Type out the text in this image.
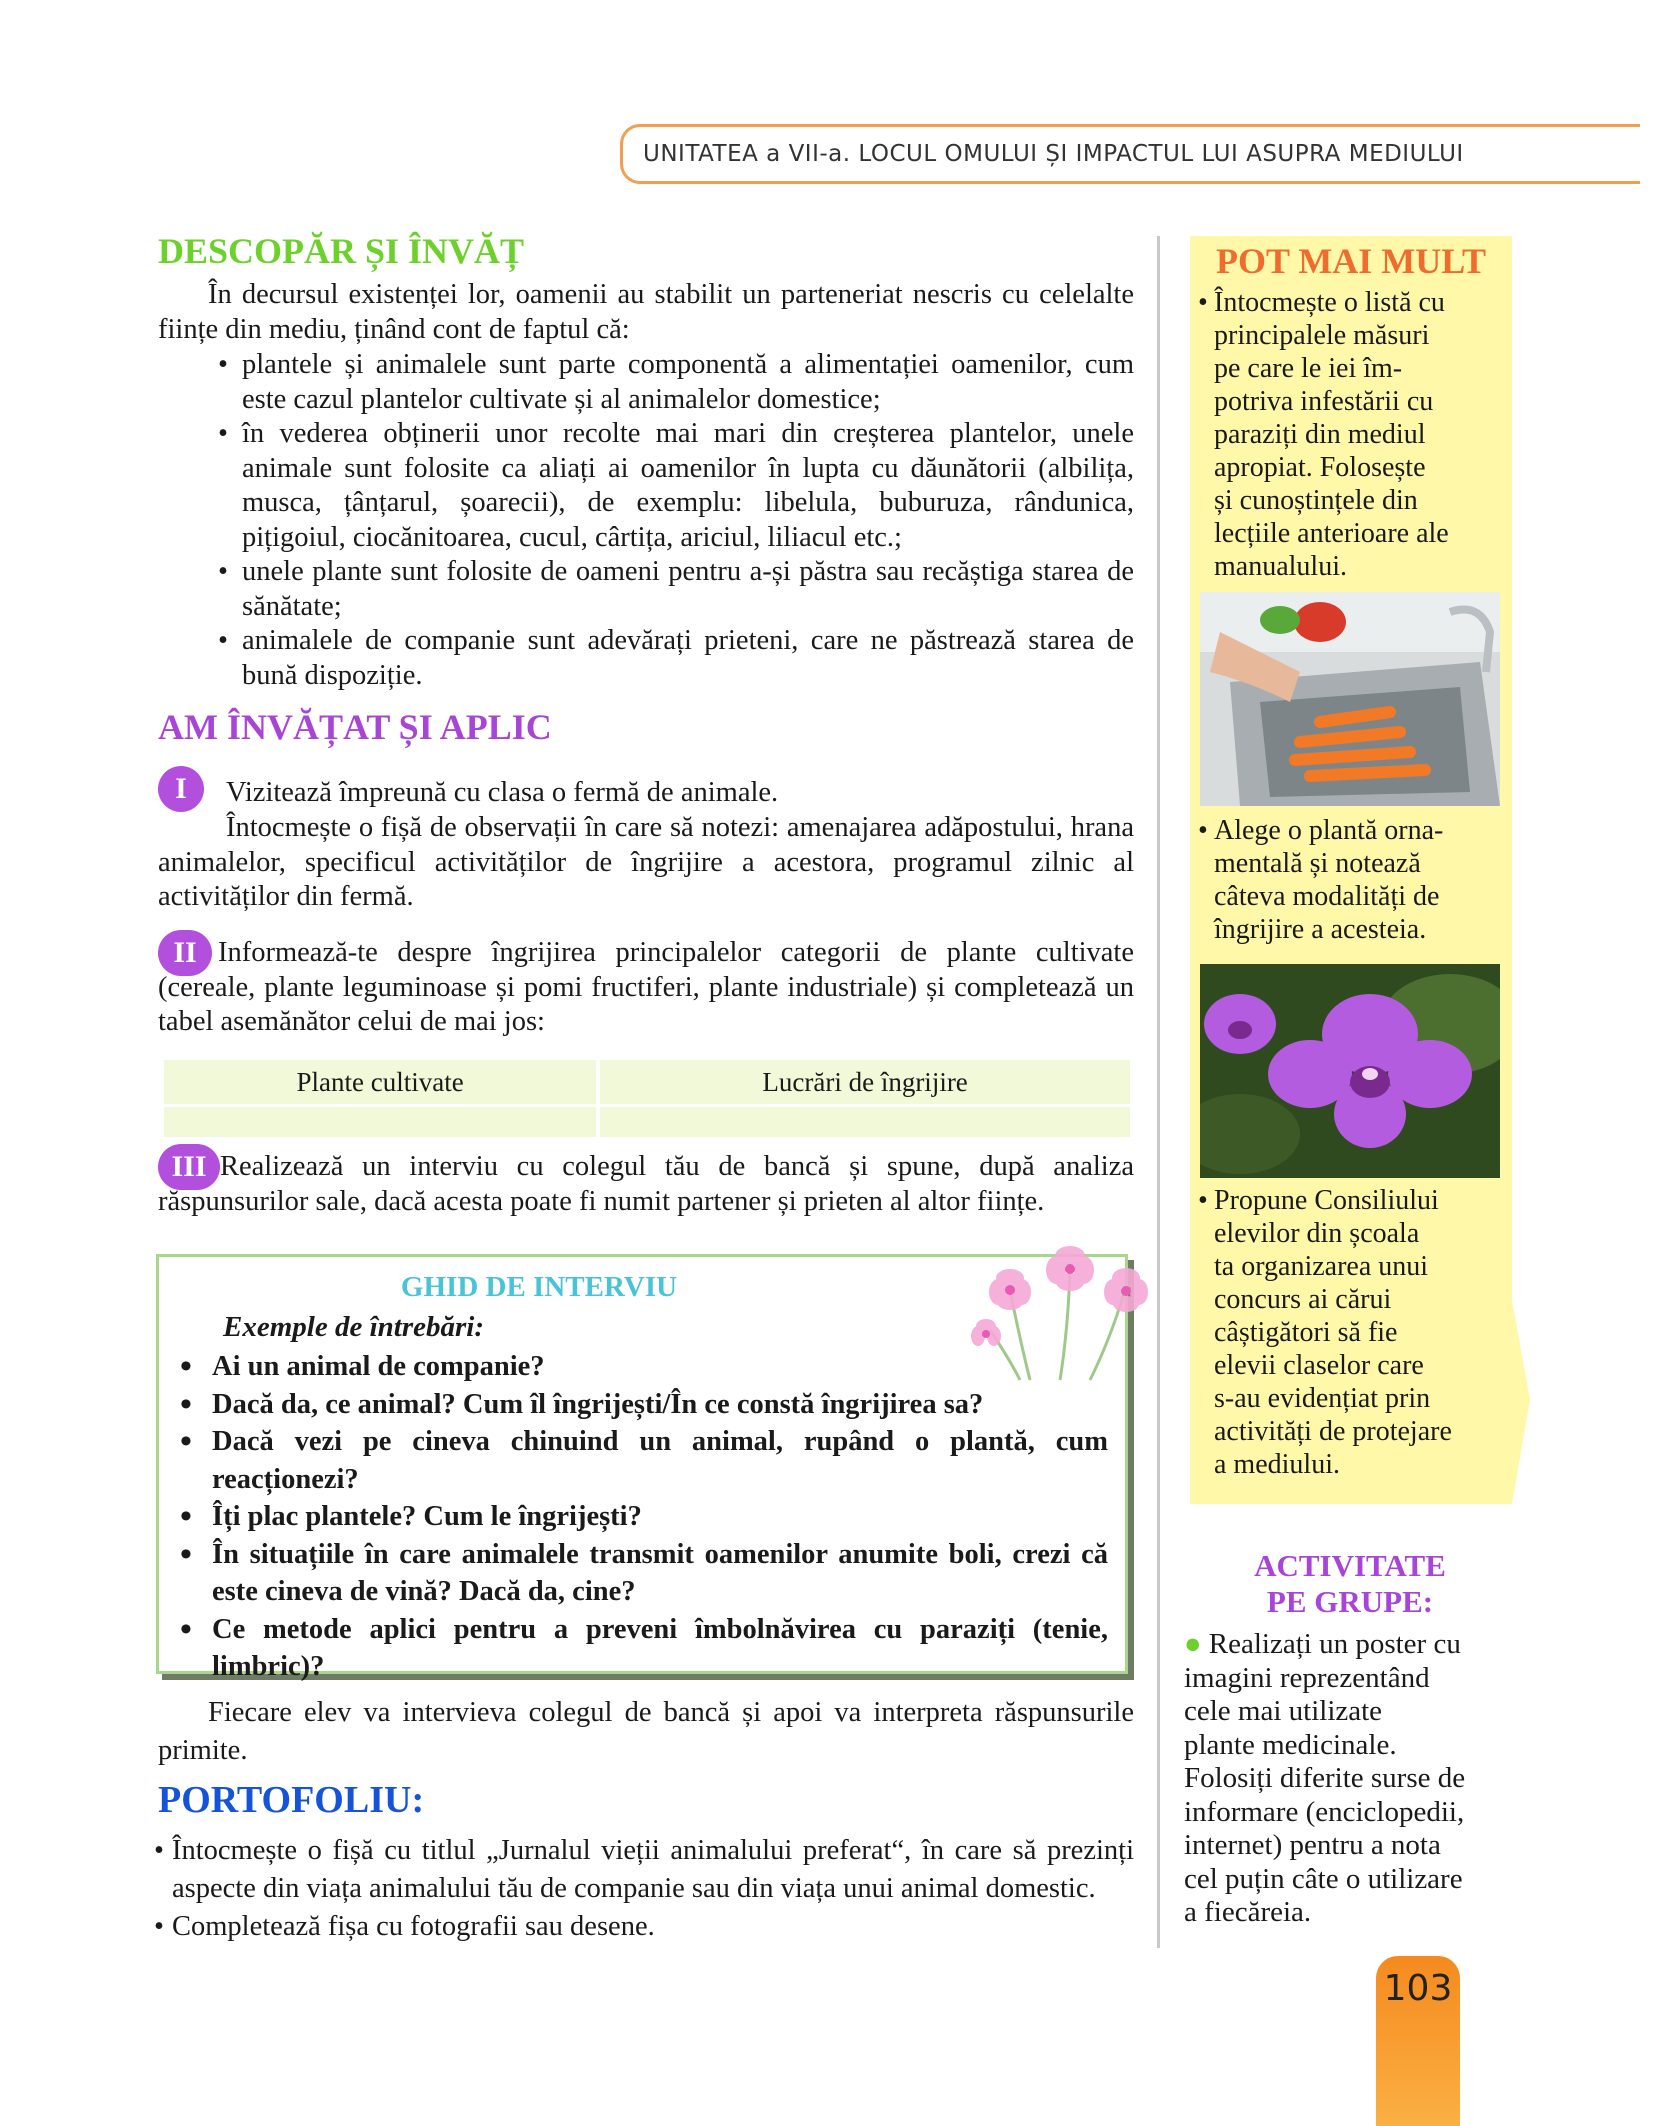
UNITATEA a VII-a. LOCUL OMULUI ȘI IMPACTUL LUI ASUPRA MEDIULUI
DESCOPĂR ȘI ÎNVĂȚ
În decursul existenței lor, oamenii au stabilit un parteneriat nescris cu celelalte ființe din mediu, ținând cont de faptul că:
• plantele și animalele sunt parte componentă a alimentației oamenilor, cum este cazul plantelor cultivate și al animalelor domestice;
• în vederea obținerii unor recolte mai mari din creșterea plantelor, unele animale sunt folosite ca aliați ai oamenilor în lupta cu dăunătorii (albilița, musca, țânțarul, șoarecii), de exemplu: libelula, buburuza, rândunica, pițigoiul, ciocănitoarea, cucul, cârtița, ariciul, liliacul etc.;
• unele plante sunt folosite de oameni pentru a-și păstra sau recăștiga starea de sănătate;
• animalele de companie sunt adevărați prieteni, care ne păstrează starea de bună dispoziție.
AM ÎNVĂȚAT ȘI APLIC
I	Vizitează împreună cu clasa o fermă de animale.
Întocmește o fișă de observații în care să notezi: amenajarea adăpostului, hrana animalelor, specificul activităților de îngrijire a acestora, programul zilnic al activităților din fermă.
II Informează-te despre îngrijirea principalelor categorii de plante cultivate (cereale, plante leguminoase și pomi fructiferi, plante industriale) și completează un tabel asemănător celui de mai jos:
Plante cultivate	Lucrări de îngrijire

III Realizează un interviu cu colegul tău de bancă și spune, după analiza răspunsurilor sale, dacă acesta poate fi numit partener și prieten al altor ființe.
GHID DE INTERVIU
Exemple de întrebări:
• Ai un animal de companie?
• Dacă da, ce animal? Cum îl îngrijești/În ce constă îngrijirea sa?
• Dacă vezi pe cineva chinuind un animal, rupând o plantă, cum reacționezi?
• Îți plac plantele? Cum le îngrijești?
• În situațiile în care animalele transmit oamenilor anumite boli, crezi că este cineva de vină? Dacă da, cine?
• Ce metode aplici pentru a preveni îmbolnăvirea cu paraziți (tenie, limbric)?
Fiecare elev va intervieva colegul de bancă și apoi va interpreta răspunsurile primite.
PORTOFOLIU:
• Întocmește o fișă cu titlul „Jurnalul vieții animalului preferat“, în care să prezinți aspecte din viața animalului tău de companie sau din viața unui animal domestic.
• Completează fișa cu fotografii sau desene.
POT MAI MULT
• Întocmește o listă cu
principalele măsuri
pe care le iei îm-
potriva infestării cu
paraziți din mediul
apropiat. Folosește
și cunoștințele din
lecțiile anterioare ale
manualului.
• Alege o plantă orna-
mentală și notează
câteva modalități de
îngrijire a acesteia.
• Propune Consiliului
elevilor din școala
ta organizarea unui
concurs ai cărui
câștigători să fie
elevii claselor care
s-au evidențiat prin
activități de protejare
a mediului.
ACTIVITATE
PE GRUPE:
● Realizați un poster cu
imagini reprezentând
cele mai utilizate
plante medicinale.
Folosiți diferite surse de
informare (enciclopedii,
internet) pentru a nota
cel puțin câte o utilizare
a fiecăreia.
103
